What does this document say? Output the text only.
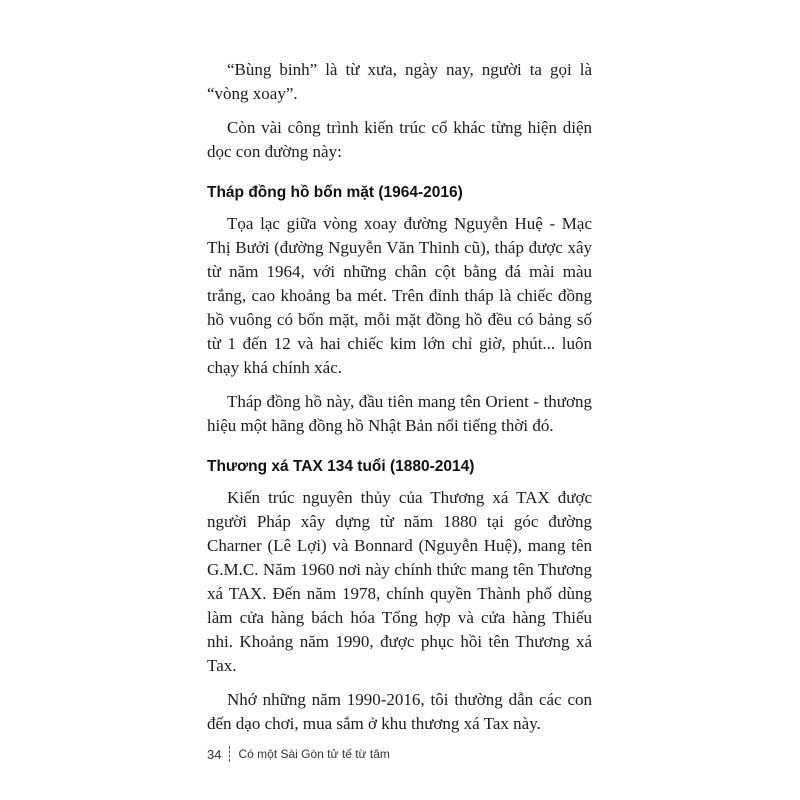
“Bùng binh” là từ xưa, ngày nay, người ta gọi là “vòng xoay”.

Còn vài công trình kiến trúc cổ khác từng hiện diện dọc con đường này:

Tháp đồng hồ bốn mặt (1964-2016)

Tọa lạc giữa vòng xoay đường Nguyễn Huệ - Mạc Thị Bưởi (đường Nguyễn Văn Thinh cũ), tháp được xây từ năm 1964, với những chân cột bằng đá mài màu trắng, cao khoảng ba mét. Trên đỉnh tháp là chiếc đồng hồ vuông có bốn mặt, mỗi mặt đồng hồ đều có bảng số từ 1 đến 12 và hai chiếc kim lớn chỉ giờ, phút... luôn chạy khá chính xác.

Tháp đồng hồ này, đầu tiên mang tên Orient - thương hiệu một hãng đồng hồ Nhật Bản nổi tiếng thời đó.

Thương xá TAX 134 tuổi (1880-2014)

Kiến trúc nguyên thủy của Thương xá TAX được người Pháp xây dựng từ năm 1880 tại góc đường Charner (Lê Lợi) và Bonnard (Nguyễn Huệ), mang tên G.M.C. Năm 1960 nơi này chính thức mang tên Thương xá TAX. Đến năm 1978, chính quyền Thành phố dùng làm cửa hàng bách hóa Tổng hợp và cửa hàng Thiếu nhi. Khoảng năm 1990, được phục hồi tên Thương xá Tax.

Nhớ những năm 1990-2016, tôi thường dẫn các con đến dạo chơi, mua sắm ở khu thương xá Tax này.

34 Có một Sài Gòn tử tế từ tâm
